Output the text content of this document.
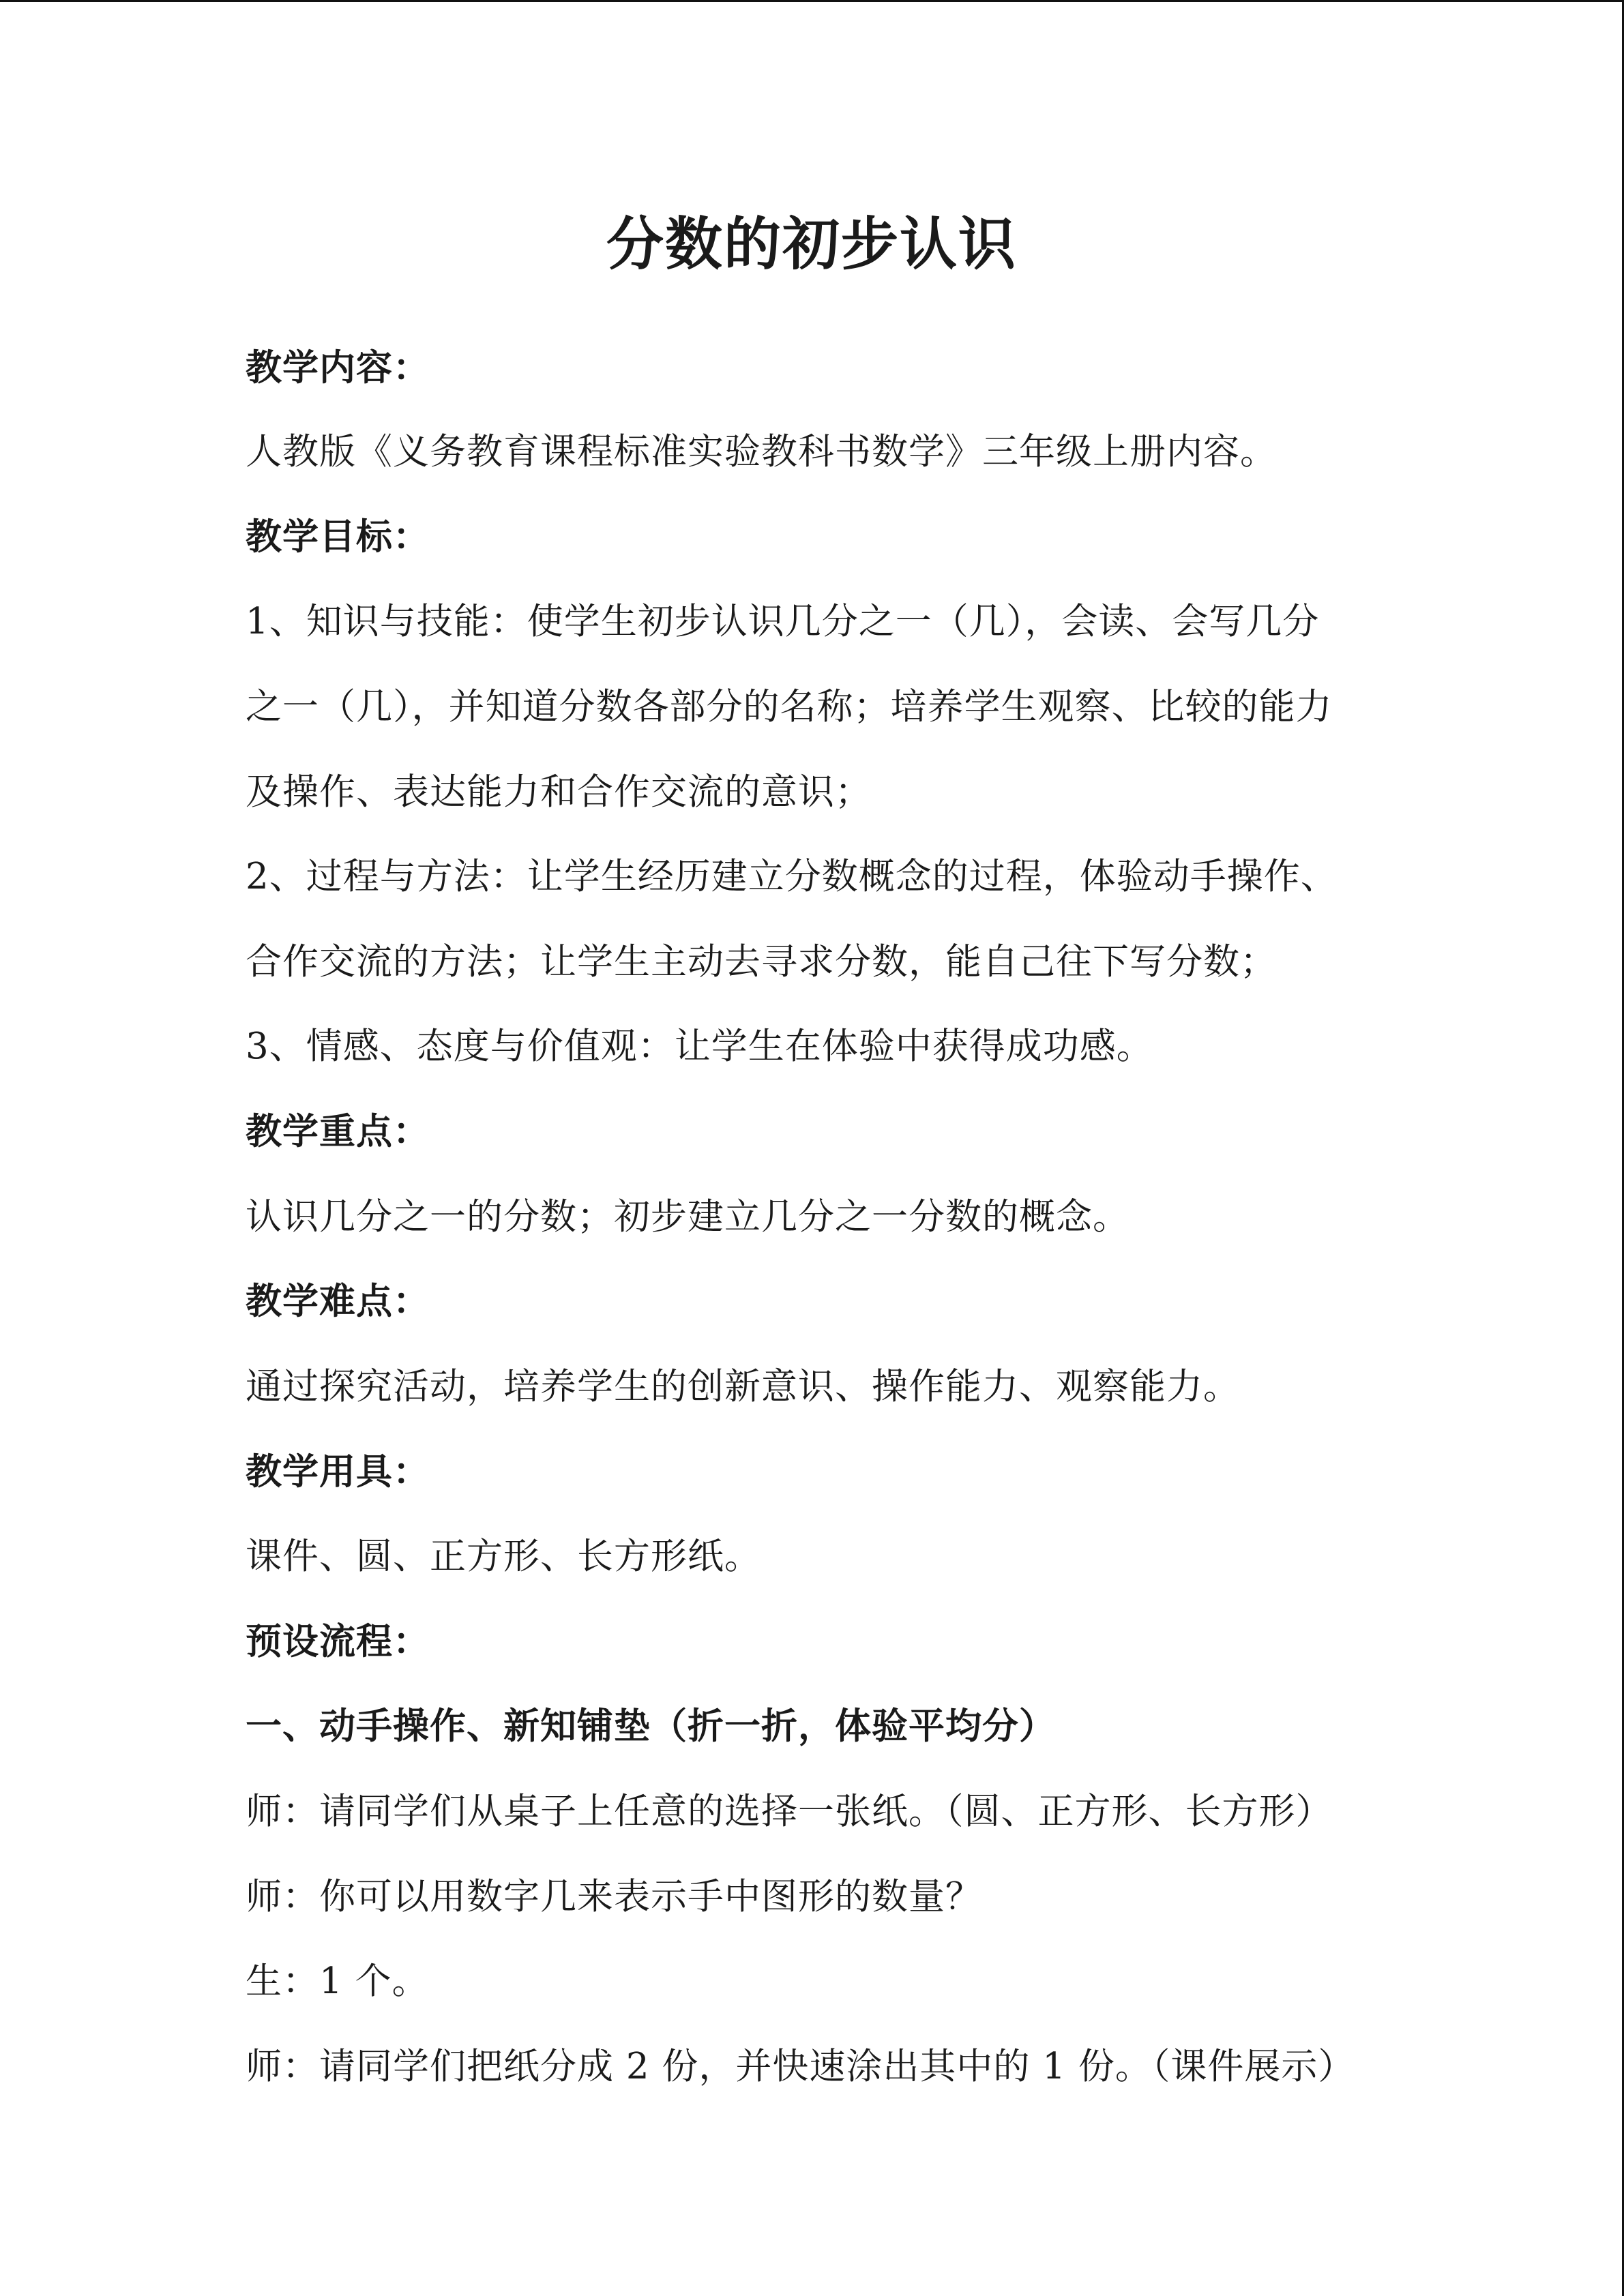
分数的初步认识
教学内容：
人教版《义务教育课程标准实验教科书数学》三年级上册内容。
教学目标：
1、知识与技能：使学生初步认识几分之一（几），会读、会写几分
之一（几），并知道分数各部分的名称；培养学生观察、比较的能力
及操作、表达能力和合作交流的意识；
2、过程与方法：让学生经历建立分数概念的过程，体验动手操作、
合作交流的方法；让学生主动去寻求分数，能自己往下写分数；
3、情感、态度与价值观：让学生在体验中获得成功感。
教学重点：
认识几分之一的分数；初步建立几分之一分数的概念。
教学难点：
通过探究活动，培养学生的创新意识、操作能力、观察能力。
教学用具：
课件、圆、正方形、长方形纸。
预设流程：
一、动手操作、新知铺垫（折一折，体验平均分）
师：请同学们从桌子上任意的选择一张纸。（圆、正方形、长方形）
师：你可以用数字几来表示手中图形的数量？
生：1 个。
师：请同学们把纸分成 2 份，并快速涂出其中的 1 份。（课件展示）
